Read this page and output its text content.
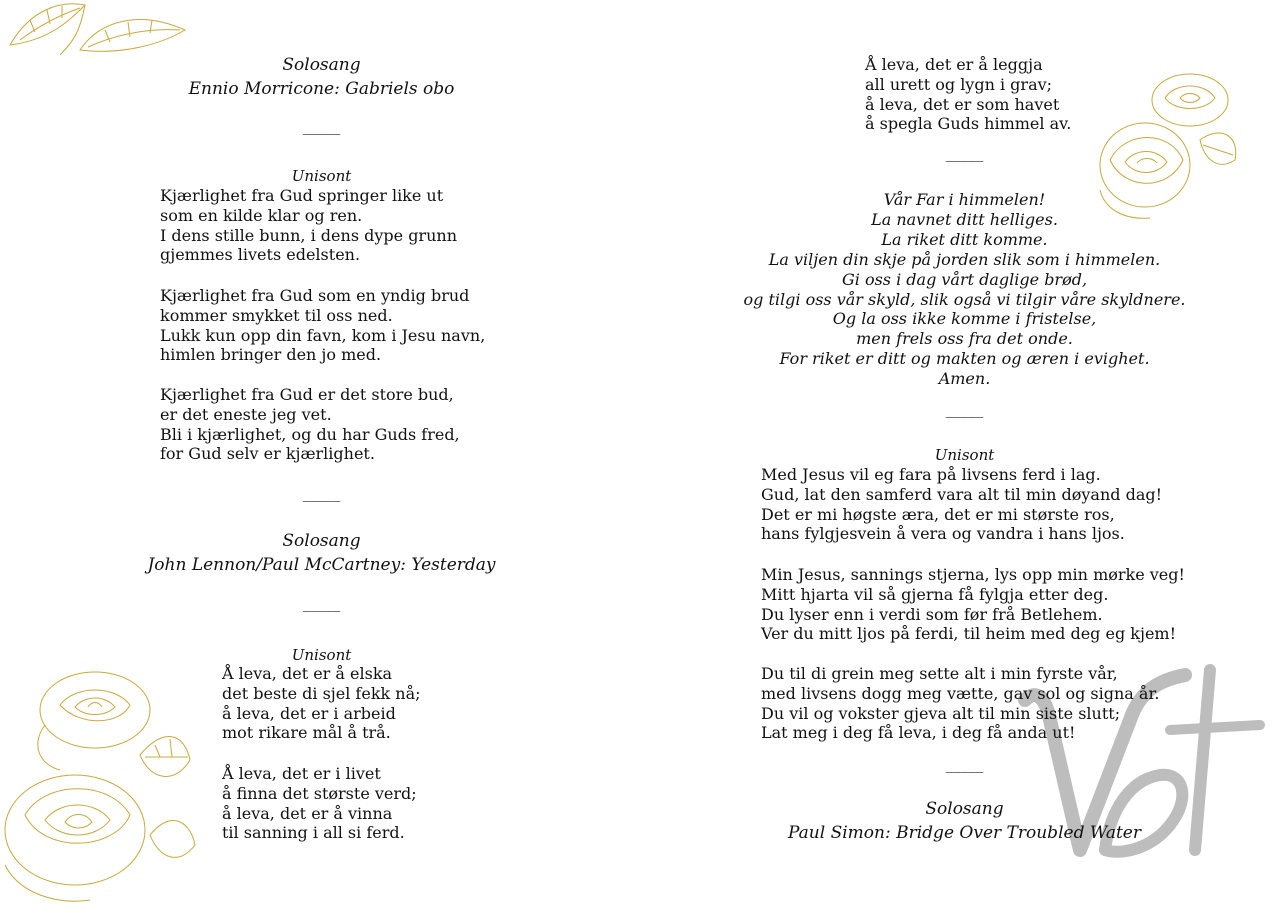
Solosang
Ennio Morricone: Gabriels obo
_____
Unisont
Kjærlighet fra Gud springer like ut
som en kilde klar og ren.
I dens stille bunn, i dens dype grunn
gjemmes livets edelsten.
Kjærlighet fra Gud som en yndig brud
kommer smykket til oss ned.
Lukk kun opp din favn, kom i Jesu navn,
himlen bringer den jo med.
Kjærlighet fra Gud er det store bud,
er det eneste jeg vet.
Bli i kjærlighet, og du har Guds fred,
for Gud selv er kjærlighet.
_____
Solosang
John Lennon/Paul McCartney: Yesterday
_____
Unisont
Å leva, det er å elska
det beste di sjel fekk nå;
å leva, det er i arbeid
mot rikare mål å trå.
Å leva, det er i livet
å finna det største verd;
å leva, det er å vinna
til sanning i all si ferd.
Å leva, det er å leggja
all urett og lygn i grav;
å leva, det er som havet
å spegla Guds himmel av.
_____
Vår Far i himmelen!
La navnet ditt helliges.
La riket ditt komme.
La viljen din skje på jorden slik som i himmelen.
Gi oss i dag vårt daglige brød,
og tilgi oss vår skyld, slik også vi tilgir våre skyldnere.
Og la oss ikke komme i fristelse,
men frels oss fra det onde.
For riket er ditt og makten og æren i evighet.
Amen.
_____
Unisont
Med Jesus vil eg fara på livsens ferd i lag.
Gud, lat den samferd vara alt til min døyand dag!
Det er mi høgste æra, det er mi største ros,
hans fylgjesvein å vera og vandra i hans ljos.
Min Jesus, sannings stjerna, lys opp min mørke veg!
Mitt hjarta vil så gjerna få fylgja etter deg.
Du lyser enn i verdi som før frå Betlehem.
Ver du mitt ljos på ferdi, til heim med deg eg kjem!
Du til di grein meg sette alt i min fyrste vår,
med livsens dogg meg vætte, gav sol og signa år.
Du vil og vokster gjeva alt til min siste slutt;
Lat meg i deg få leva, i deg få anda ut!
_____
Solosang
Paul Simon: Bridge Over Troubled Water
